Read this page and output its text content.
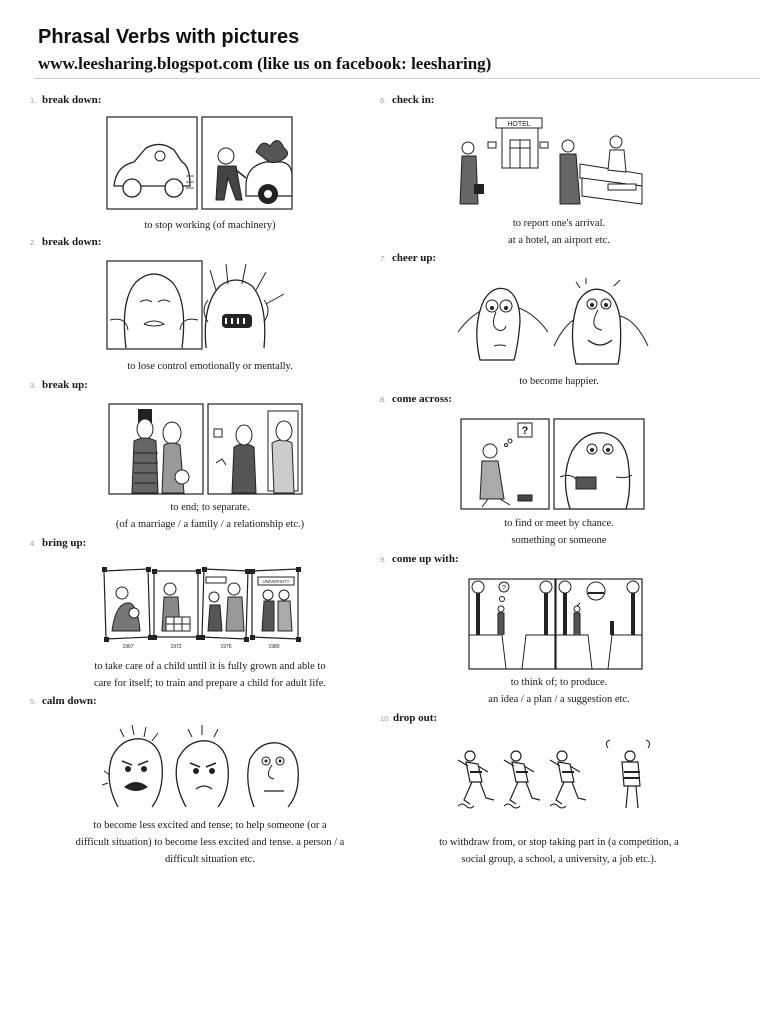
Phrasal Verbs with pictures
www.leesharing.blogspot.com (like us on facebook: leesharing)
1. break down:
to stop working (of machinery)
2. break down:
to lose control emotionally or mentally.
3. break up:
to end; to separate.
(of a marriage / a family / a relationship etc.)
4. bring up:
UNIVERSITY
1967	1972	1975	1980
to take care of a child until it is fully grown and able to
care for itself; to train and prepare a child for adult life.
5. calm down:
to become less excited and tense; to help someone (or a
difficult situation) to become less excited and tense. a person / a
difficult situation etc.
6. check in:
HOTEL
to report one's arrival.
at a hotel, an airport etc.
7. cheer up:
to become happier.
8. come across:
?
to find or meet by chance.
something or someone
9. come up with:
?
to think of; to produce.
an idea / a plan / a suggestion etc.
10. drop out:
to withdraw from, or stop taking part in (a competition, a
social group, a school, a university, a job etc.).
